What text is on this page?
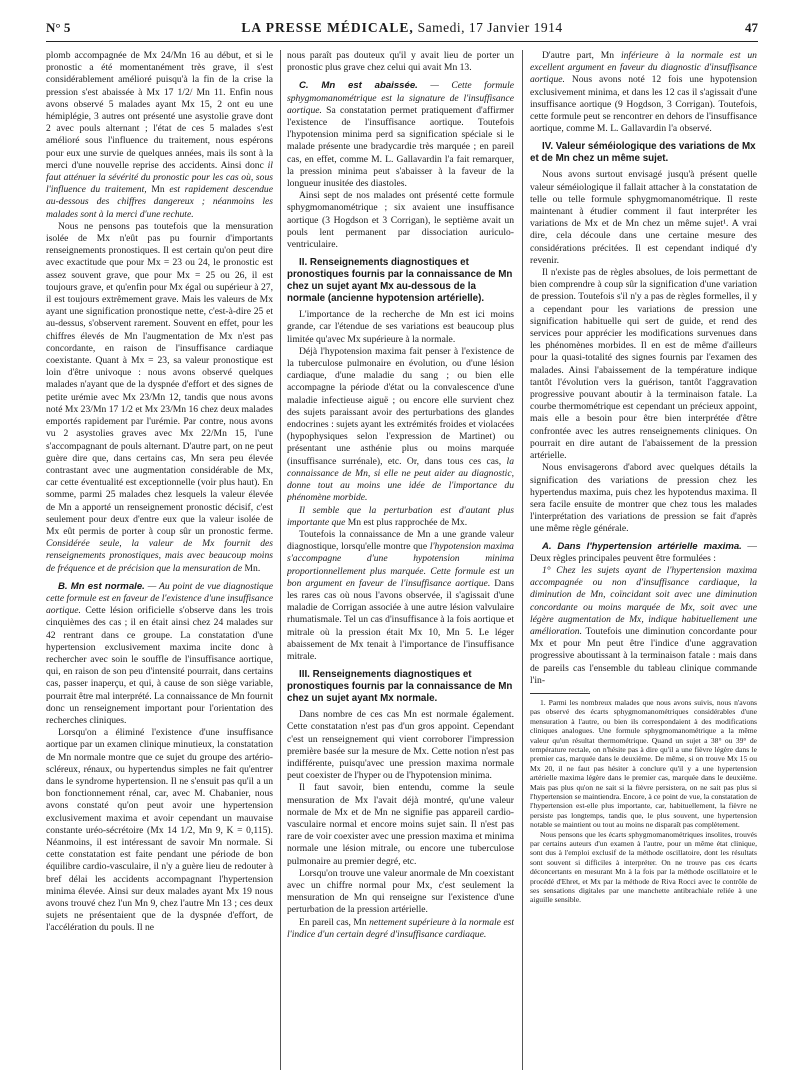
N° 5	LA PRESSE MÉDICALE, Samedi, 17 Janvier 1914	47

plomb accompagnée de Mx 24/Mn 16 au début, et si le pronostic a été momentanément très grave, il s'est considérablement amélioré puisqu'à la fin de la crise la pression s'est abaissée à Mx 17 1/2/ Mn 11. Enfin nous avons observé 5 malades ayant Mx 15, 2 ont eu une hémiplégie, 3 autres ont présenté une asystolie grave dont 2 avec pouls alternant ; l'état de ces 5 malades s'est amélioré sous l'influence du traitement, nous espérons pour eux une survie de quelques années, mais ils sont à la merci d'une nouvelle reprise des accidents. Ainsi donc il faut atténuer la sévérité du pronostic pour les cas où, sous l'influence du traitement, Mn est rapidement descendue au-dessous des chiffres dangereux ; néanmoins les malades sont à la merci d'une rechute.

Nous ne pensons pas toutefois que la mensuration isolée de Mx n'eût pas pu fournir d'importants renseignements pronostiques. Il est certain qu'on peut dire avec exactitude que pour Mx = 23 ou 24, le pronostic est assez souvent grave, que pour Mx = 25 ou 26, il est toujours grave, et qu'enfin pour Mx égal ou supérieur à 27, il est toujours extrêmement grave. Mais les valeurs de Mx ayant une signification pronostique nette, c'est-à-dire 25 et au-dessus, s'observent rarement. Souvent en effet, pour les chiffres élevés de Mn l'augmentation de Mx n'est pas concordante, en raison de l'insuffisance cardiaque coexistante. Quant à Mx = 23, sa valeur pronostique est loin d'être univoque : nous avons observé quelques malades n'ayant que de la dyspnée d'effort et des signes de petite urémie avec Mx 23/Mn 12, tandis que nous avons noté Mx 23/Mn 17 1/2 et Mx 23/Mn 16 chez deux malades emportés rapidement par l'urémie. Par contre, nous avons vu 2 asystolies graves avec Mx 22/Mn 15, l'une s'accompagnant de pouls alternant. D'autre part, on ne peut guère dire que, dans certains cas, Mn sera peu élevée contrastant avec une augmentation considérable de Mx, car cette éventualité est exceptionnelle (voir plus haut). En somme, parmi 25 malades chez lesquels la valeur élevée de Mn a apporté un renseignement pronostic décisif, c'est seulement pour deux d'entre eux que la valeur isolée de Mx eût permis de porter à coup sûr un pronostic ferme. Considérée seule, la valeur de Mx fournit des renseignements pronostiques, mais avec beaucoup moins de fréquence et de précision que la mensuration de Mn.

B. Mn est normale. — Au point de vue diagnostique cette formule est en faveur de l'existence d'une insuffisance aortique. Cette lésion orificielle s'observe dans les trois cinquièmes des cas ; il en était ainsi chez 24 malades sur 42 rentrant dans ce groupe. La constatation d'une hypertension exclusivement maxima incite donc à rechercher avec soin le souffle de l'insuffisance aortique, qui, en raison de son peu d'intensité pourrait, dans certains cas, passer inaperçu, et qui, à cause de son siège variable, pourrait être mal interprété. La connaissance de Mn fournit donc un renseignement important pour l'orientation des recherches cliniques.

Lorsqu'on a éliminé l'existence d'une insuffisance aortique par un examen clinique minutieux, la constatation de Mn normale montre que ce sujet du groupe des artério-scléreux, rénaux, ou hypertendus simples ne fait qu'entrer dans le syndrome hypertension. Il ne s'ensuit pas qu'il a un bon fonctionnement rénal, car, avec M. Chabanier, nous avons constaté qu'on peut avoir une hypertension exclusivement maxima et avoir cependant un mauvaise constante uréo-sécrétoire (Mx 14 1/2, Mn 9, K = 0,115). Néanmoins, il est intéressant de savoir Mn normale. Si cette constatation est faite pendant une période de bon équilibre cardio-vasculaire, il n'y a guère lieu de redouter à bref délai les accidents accompagnant l'hypertension minima élevée. Ainsi sur deux malades ayant Mx 19 nous avons trouvé chez l'un Mn 9, chez l'autre Mn 13 ; ces deux sujets ne présentaient que de la dyspnée d'effort, de l'accélération du pouls. Il ne

nous paraît pas douteux qu'il y avait lieu de porter un pronostic plus grave chez celui qui avait Mn 13.

C. Mn est abaissée. — Cette formule sphygmomanométrique est la signature de l'insuffisance aortique. Sa constatation permet pratiquement d'affirmer l'existence de l'insuffisance aortique. Toutefois l'hypotension minima perd sa signification spéciale si le malade présente une bradycardie très marquée ; en pareil cas, en effet, comme M. L. Gallavardin l'a fait remarquer, la pression minima peut s'abaisser à la faveur de la longueur inusitée des diastoles.

Ainsi sept de nos malades ont présenté cette formule sphygmomanométrique ; six avaient une insuffisance aortique (3 Hogdson et 3 Corrigan), le septième avait un pouls lent permanent par dissociation auriculo-ventriculaire.

II. Renseignements diagnostiques et pronostiques fournis par la connaissance de Mn chez un sujet ayant Mx au-dessous de la normale (ancienne hypotension artérielle).

L'importance de la recherche de Mn est ici moins grande, car l'étendue de ses variations est beaucoup plus limitée qu'avec Mx supérieure à la normale.

Déjà l'hypotension maxima fait penser à l'existence de la tuberculose pulmonaire en évolution, ou d'une lésion cardiaque, d'une maladie du sang ; ou bien elle accompagne la période d'état ou la convalescence d'une maladie infectieuse aiguë ; ou encore elle survient chez des sujets paraissant avoir des perturbations des glandes endocrines : sujets ayant les extrémités froides et violacées (hypophysiques selon l'expression de Martinet) ou présentant une asthénie plus ou moins marquée (insuffisance surrénale), etc. Or, dans tous ces cas, la connaissance de Mn, si elle ne peut aider au diagnostic, donne tout au moins une idée de l'importance du phénomène morbide.

Il semble que la perturbation est d'autant plus importante que Mn est plus rapprochée de Mx.

Toutefois la connaissance de Mn a une grande valeur diagnostique, lorsqu'elle montre que l'hypotension maxima s'accompagne d'une hypotension minima proportionnellement plus marquée. Cette formule est un bon argument en faveur de l'insuffisance aortique. Dans les rares cas où nous l'avons observée, il s'agissait d'une maladie de Corrigan associée à une autre lésion valvulaire rhumatismale. Tel un cas d'insuffisance à la fois aortique et mitrale où la pression était Mx 10, Mn 5. Le léger abaissement de Mx tenait à l'importance de l'insuffisance mitrale.

III. Renseignements diagnostiques et pronostiques fournis par la connaissance de Mn chez un sujet ayant Mx normale.

Dans nombre de ces cas Mn est normale également. Cette constatation n'est pas d'un gros appoint. Cependant c'est un renseignement qui vient corroborer l'impression première basée sur la mesure de Mx. Cette notion n'est pas indifférente, puisqu'avec une pression maxima normale peut coexister de l'hyper ou de l'hypotension minima.

Il faut savoir, bien entendu, comme la seule mensuration de Mx l'avait déjà montré, qu'une valeur normale de Mx et de Mn ne signifie pas appareil cardio-vasculaire normal et encore moins sujet sain. Il n'est pas rare de voir coexister avec une pression maxima et minima normale une lésion mitrale, ou encore une tuberculose pulmonaire au premier degré, etc.

Lorsqu'on trouve une valeur anormale de Mn coexistant avec un chiffre normal pour Mx, c'est seulement la mensuration de Mn qui renseigne sur l'existence d'une perturbation de la pression artérielle.

En pareil cas, Mn nettement supérieure à la normale est l'indice d'un certain degré d'insuffisance cardiaque.

D'autre part, Mn inférieure à la normale est un excellent argument en faveur du diagnostic d'insuffisance aortique. Nous avons noté 12 fois une hypotension exclusivement minima, et dans les 12 cas il s'agissait d'une insuffisance aortique (9 Hogdson, 3 Corrigan). Toutefois, cette formule peut se rencontrer en dehors de l'insuffisance aortique, comme M. L. Gallavardin l'a observé.

IV. Valeur séméiologique des variations de Mx et de Mn chez un même sujet.

Nous avons surtout envisagé jusqu'à présent quelle valeur séméiologique il fallait attacher à la constatation de telle ou telle formule sphygmomanométrique. Il reste maintenant à étudier comment il faut interpréter les variations de Mx et de Mn chez un même sujet¹. A vrai dire, cela découle dans une certaine mesure des considérations précitées. Il est cependant indiqué d'y revenir.

Il n'existe pas de règles absolues, de lois permettant de bien comprendre à coup sûr la signification d'une variation de pression. Toutefois s'il n'y a pas de règles formelles, il y a cependant pour les variations de pression une signification habituelle qui sert de guide, et rend des services pour apprécier les modifications survenues dans les phénomènes morbides. Il en est de même d'ailleurs pour la quasi-totalité des signes fournis par l'examen des malades. Ainsi l'abaissement de la température indique tantôt l'évolution vers la guérison, tantôt l'aggravation progressive pouvant aboutir à la terminaison fatale. La courbe thermométrique est cependant un précieux appoint, mais elle a besoin pour être bien interprétée d'être confrontée avec les autres renseignements cliniques. On pourrait en dire autant de l'abaissement de la pression artérielle.

Nous envisagerons d'abord avec quelques détails la signification des variations de pression chez les hypertendus maxima, puis chez les hypotendus maxima. Il sera facile ensuite de montrer que chez tous les malades l'interprétation des variations de pression se fait d'après une même règle générale.

A. Dans l'hypertension artérielle maxima. — Deux règles principales peuvent être formulées :

1° Chez les sujets ayant de l'hypertension maxima accompagnée ou non d'insuffisance cardiaque, la diminution de Mn, coïncidant soit avec une diminution concordante ou moins marquée de Mx, soit avec une légère augmentation de Mx, indique habituellement une amélioration. Toutefois une diminution concordante pour Mx et pour Mn peut être l'indice d'une aggravation progressive aboutissant à la terminaison fatale : mais dans de pareils cas l'ensemble du tableau clinique commande l'in-

1. Parmi les nombreux malades que nous avons suivis, nous n'avons pas observé des écarts sphygmomanométriques considérables d'une mensuration à l'autre, ou bien ils correspondaient à des modifications cliniques analogues. Une formule sphygmomanométrique a la même valeur qu'un résultat thermométrique. Quand un sujet a 38° ou 39° de température rectale, on n'hésite pas à dire qu'il a une fièvre légère dans le premier cas, marquée dans le deuxième. De même, si on trouve Mx 15 ou Mx 20, il ne faut pas hésiter à conclure qu'il y a une hypertension artérielle maxima légère dans le premier cas, marquée dans le deuxième. Mais pas plus qu'on ne sait si la fièvre persistera, on ne sait pas plus si l'hypertension se maintiendra. Encore, à ce point de vue, la constatation de l'hypertension est-elle plus importante, car, habituellement, la fièvre ne persiste pas longtemps, tandis que, le plus souvent, une hypertension notable se maintient ou tout au moins ne disparaît pas complètement.

Nous pensons que les écarts sphygmomanométriques insolites, trouvés par certains auteurs d'un examen à l'autre, pour un même état clinique, sont dus à l'emploi exclusif de la méthode oscillatoire, dont les résultats sont souvent si difficiles à interpréter. On ne trouve pas ces écarts déconcertants en mesurant Mn à la fois par la méthode oscillatoire et le procédé d'Ehret, et Mx par la méthode de Riva Rocci avec le contrôle de ses sensations digitales par une manchette antibrachiale reliée à une aiguille sensible.
